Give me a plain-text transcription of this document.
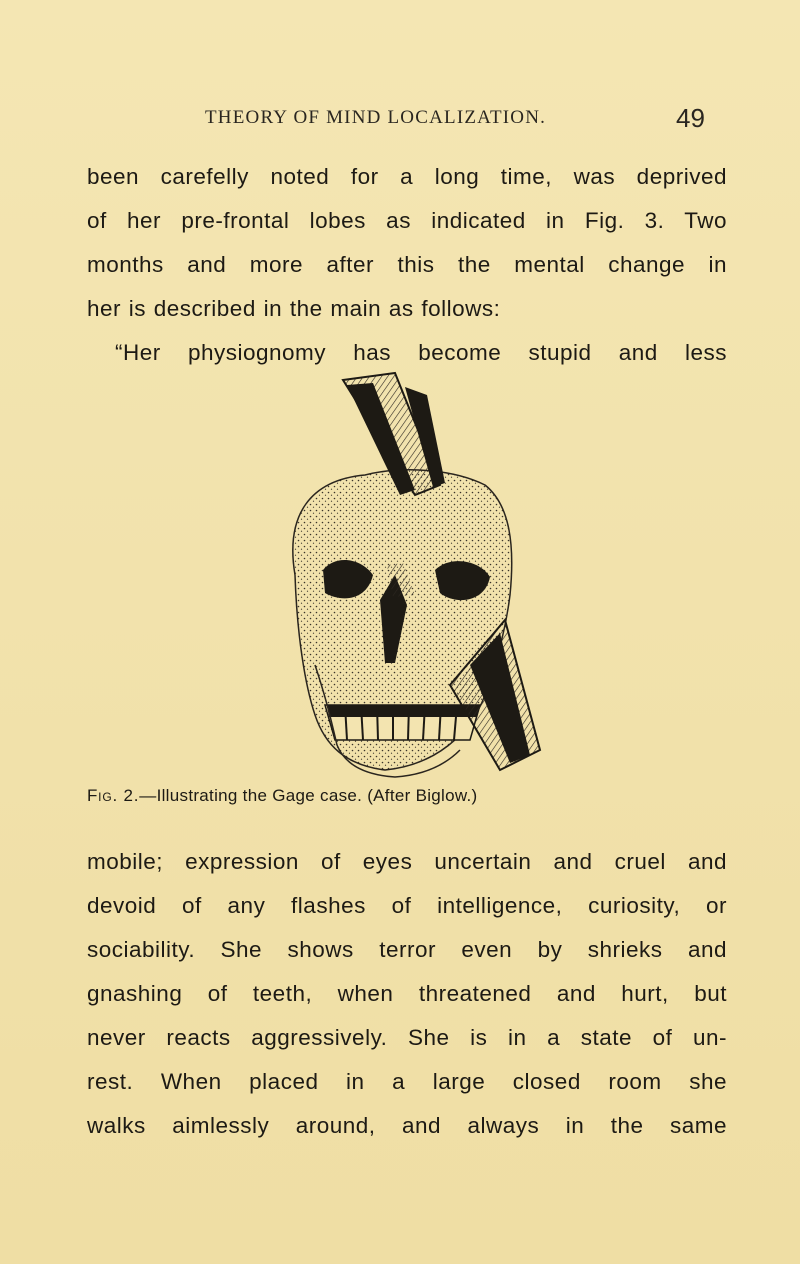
THEORY OF MIND LOCALIZATION.	49
been carefelly noted for a long time, was deprived
of her pre-frontal lobes as indicated in Fig. 3. Two
months and more after this the mental change in
her is described in the main as follows:
“Her physiognomy has become stupid and less
Fig. 2.—Illustrating the Gage case. (After Biglow.)
mobile; expression of eyes uncertain and cruel and
devoid of any flashes of intelligence, curiosity, or
sociability. She shows terror even by shrieks and
gnashing of teeth, when threatened and hurt, but
never reacts aggressively. She is in a state of un-
rest. When placed in a large closed room she
walks aimlessly around, and always in the same
